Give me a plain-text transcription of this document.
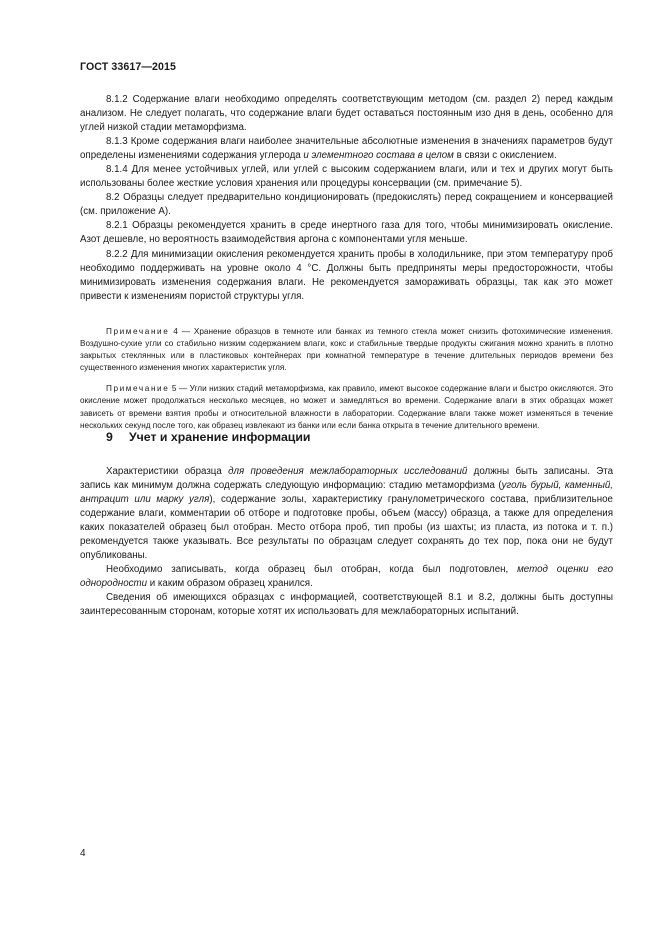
ГОСТ 33617—2015

8.1.2 Содержание влаги необходимо определять соответствующим методом (см. раздел 2) перед каждым анализом. Не следует полагать, что содержание влаги будет оставаться постоянным изо дня в день, особенно для углей низкой стадии метаморфизма.

8.1.3 Кроме содержания влаги наиболее значительные абсолютные изменения в значениях параметров будут определены изменениями содержания углерода и элементного состава в целом в связи с окислением.

8.1.4 Для менее устойчивых углей, или углей с высоким содержанием влаги, или и тех и других могут быть использованы более жесткие условия хранения или процедуры консервации (см. примечание 5).

8.2 Образцы следует предварительно кондиционировать (предокислять) перед сокращением и консервацией (см. приложение А).

8.2.1 Образцы рекомендуется хранить в среде инертного газа для того, чтобы минимизировать окисление. Азот дешевле, но вероятность взаимодействия аргона с компонентами угля меньше.

8.2.2 Для минимизации окисления рекомендуется хранить пробы в холодильнике, при этом температуру проб необходимо поддерживать на уровне около 4 °С. Должны быть предприняты меры предосторожности, чтобы минимизировать изменения содержания влаги. Не рекомендуется замораживать образцы, так как это может привести к изменениям пористой структуры угля.

Примечание 4 — Хранение образцов в темноте или банках из темного стекла может снизить фотохимические изменения. Воздушно-сухие угли со стабильно низким содержанием влаги, кокс и стабильные твердые продукты сжигания можно хранить в плотно закрытых стеклянных или в пластиковых контейнерах при комнатной температуре в течение длительных периодов времени без существенного изменения многих характеристик угля.

Примечание 5 — Угли низких стадий метаморфизма, как правило, имеют высокое содержание влаги и быстро окисляются. Это окисление может продолжаться несколько месяцев, но может и замедляться во времени. Содержание влаги в этих образцах может зависеть от времени взятия пробы и относительной влажности в лаборатории. Содержание влаги также может изменяться в течение нескольких секунд после того, как образец извлекают из банки или если банка открыта в течение длительного времени.

9 Учет и хранение информации

Характеристики образца для проведения межлабораторных исследований должны быть записаны. Эта запись как минимум должна содержать следующую информацию: стадию метаморфизма (уголь бурый, каменный, антрацит или марку угля), содержание золы, характеристику гранулометрического состава, приблизительное содержание влаги, комментарии об отборе и подготовке пробы, объем (массу) образца, а также для определения каких показателей образец был отобран. Место отбора проб, тип пробы (из шахты; из пласта, из потока и т. п.) рекомендуется также указывать. Все результаты по образцам следует сохранять до тех пор, пока они не будут опубликованы.

Необходимо записывать, когда образец был отобран, когда был подготовлен, метод оценки его однородности и каким образом образец хранился.

Сведения об имеющихся образцах с информацией, соответствующей 8.1 и 8.2, должны быть доступны заинтересованным сторонам, которые хотят их использовать для межлабораторных испытаний.

4
